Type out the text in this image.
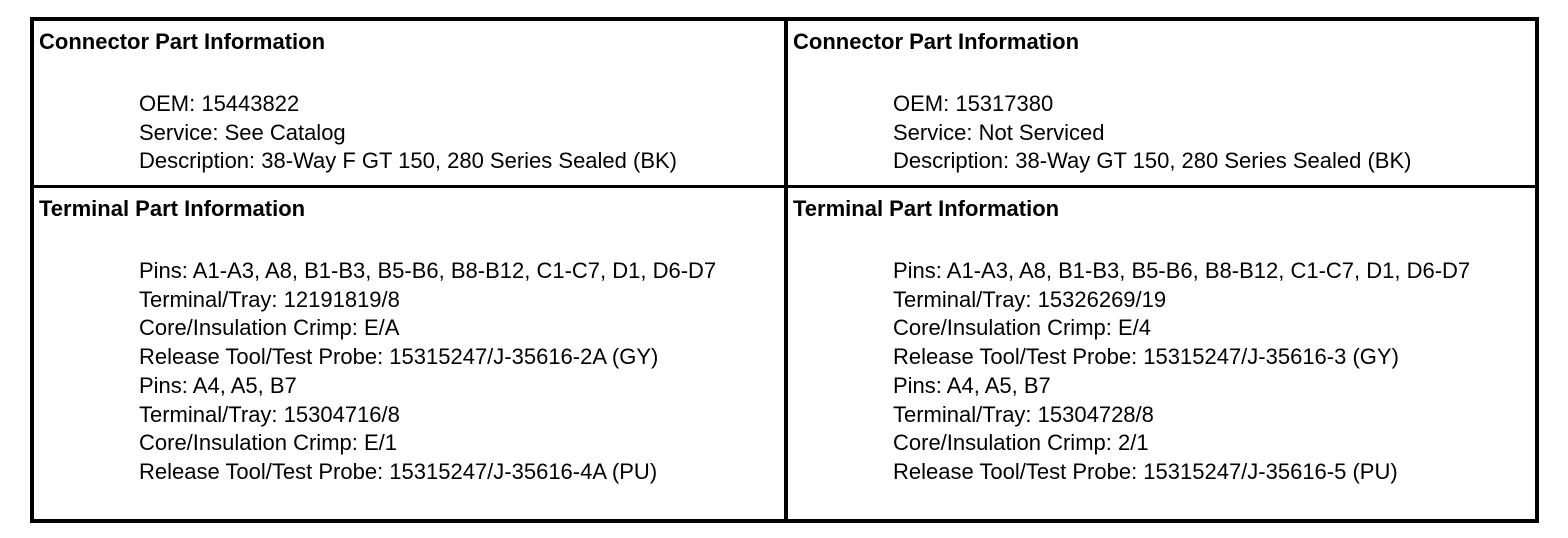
Connector Part Information
OEM: 15443822
Service: See Catalog
Description: 38-Way F GT 150, 280 Series Sealed (BK)
Connector Part Information
OEM: 15317380
Service: Not Serviced
Description: 38-Way GT 150, 280 Series Sealed (BK)
Terminal Part Information
Pins: A1-A3, A8, B1-B3, B5-B6, B8-B12, C1-C7, D1, D6-D7
Terminal/Tray: 12191819/8
Core/Insulation Crimp: E/A
Release Tool/Test Probe: 15315247/J-35616-2A (GY)
Pins: A4, A5, B7
Terminal/Tray: 15304716/8
Core/Insulation Crimp: E/1
Release Tool/Test Probe: 15315247/J-35616-4A (PU)
Terminal Part Information
Pins: A1-A3, A8, B1-B3, B5-B6, B8-B12, C1-C7, D1, D6-D7
Terminal/Tray: 15326269/19
Core/Insulation Crimp: E/4
Release Tool/Test Probe: 15315247/J-35616-3 (GY)
Pins: A4, A5, B7
Terminal/Tray: 15304728/8
Core/Insulation Crimp: 2/1
Release Tool/Test Probe: 15315247/J-35616-5 (PU)
